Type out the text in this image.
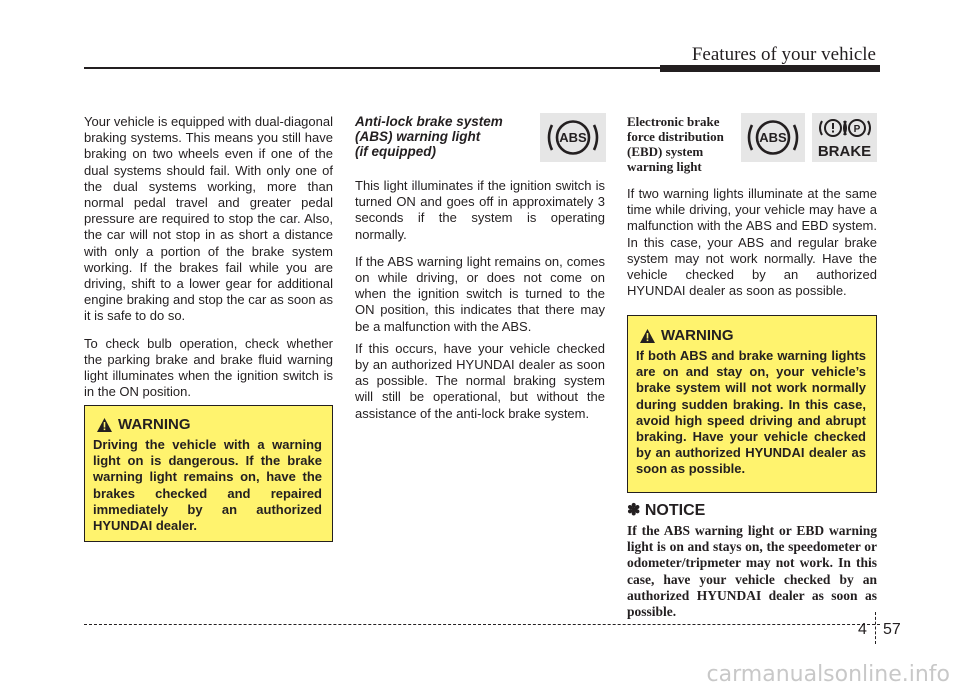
Features of your vehicle

Your vehicle is equipped with dual-diagonal braking systems. This means you still have braking on two wheels even if one of the dual systems should fail. With only one of the dual systems working, more than normal pedal travel and greater pedal pressure are required to stop the car. Also, the car will not stop in as short a distance with only a portion of the brake system working. If the brakes fail while you are driving, shift to a lower gear for additional engine braking and stop the car as soon as it is safe to do so.

To check bulb operation, check whether the parking brake and brake fluid warning light illuminates when the ignition switch is in the ON position.

WARNING
Driving the vehicle with a warning light on is dangerous. If the brake warning light remains on, have the brakes checked and repaired immediately by an authorized HYUNDAI dealer.
Anti-lock brake system
(ABS) warning light
(if equipped)

This light illuminates if the ignition switch is turned ON and goes off in approximately 3 seconds if the system is operating normally.

If the ABS warning light remains on, comes on while driving, or does not come on when the ignition switch is turned to the ON position, this indicates that there may be a malfunction with the ABS.

If this occurs, have your vehicle checked by an authorized HYUNDAI dealer as soon as possible. The normal braking system will still be operational, but without the assistance of the anti-lock brake system.

ABS
Electronic brake
force distribution
(EBD) system
warning light

If two warning lights illuminate at the same time while driving, your vehicle may have a malfunction with the ABS and EBD system. In this case, your ABS and regular brake system may not work normally. Have the vehicle checked by an authorized HYUNDAI dealer as soon as possible.

ABS
P
BRAKE
WARNING
If both ABS and brake warning lights are on and stay on, your vehicle’s brake system will not work normally during sudden braking. In this case, avoid high speed driving and abrupt braking. Have your vehicle checked by an authorized HYUNDAI dealer as soon as possible.
✽ NOTICE
If the ABS warning light or EBD warning light is on and stays on, the speedometer or odometer/tripmeter may not work. In this case, have your vehicle checked by an authorized HYUNDAI dealer as soon as possible.
4 57
carmanualsonline.info
